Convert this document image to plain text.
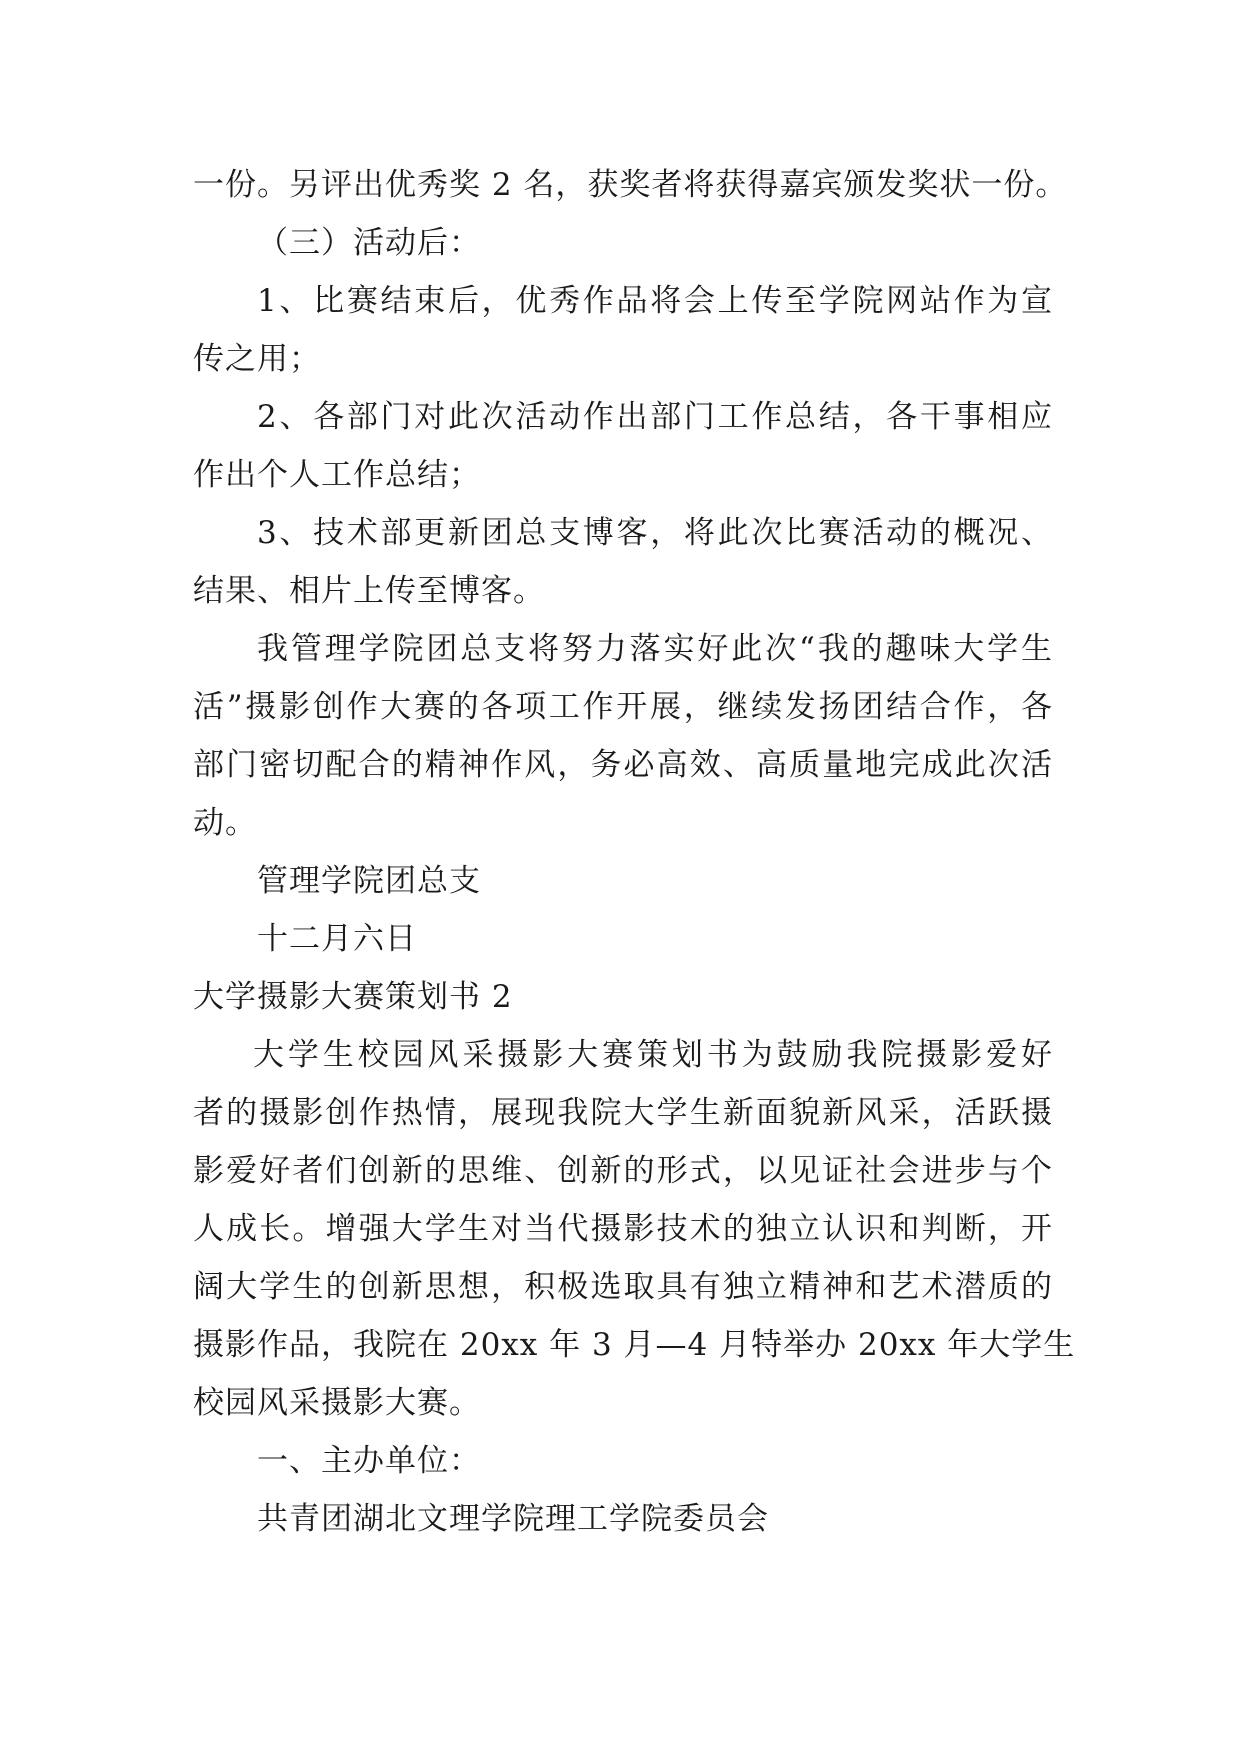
一份。另评出优秀奖 2 名，获奖者将获得嘉宾颁发奖状一份。
（三）活动后：
1、比赛结束后，优秀作品将会上传至学院网站作为宣
传之用；
2、各部门对此次活动作出部门工作总结，各干事相应
作出个人工作总结；
3、技术部更新团总支博客，将此次比赛活动的概况、
结果、相片上传至博客。
我管理学院团总支将努力落实好此次“我的趣味大学生
活”摄影创作大赛的各项工作开展，继续发扬团结合作，各
部门密切配合的精神作风，务必高效、高质量地完成此次活
动。
管理学院团总支
十二月六日
大学摄影大赛策划书 2
大学生校园风采摄影大赛策划书为鼓励我院摄影爱好
者的摄影创作热情，展现我院大学生新面貌新风采，活跃摄
影爱好者们创新的思维、创新的形式，以见证社会进步与个
人成长。增强大学生对当代摄影技术的独立认识和判断，开
阔大学生的创新思想，积极选取具有独立精神和艺术潜质的
摄影作品，我院在 20xx 年 3 月—4 月特举办 20xx 年大学生
校园风采摄影大赛。
一、主办单位：
共青团湖北文理学院理工学院委员会
